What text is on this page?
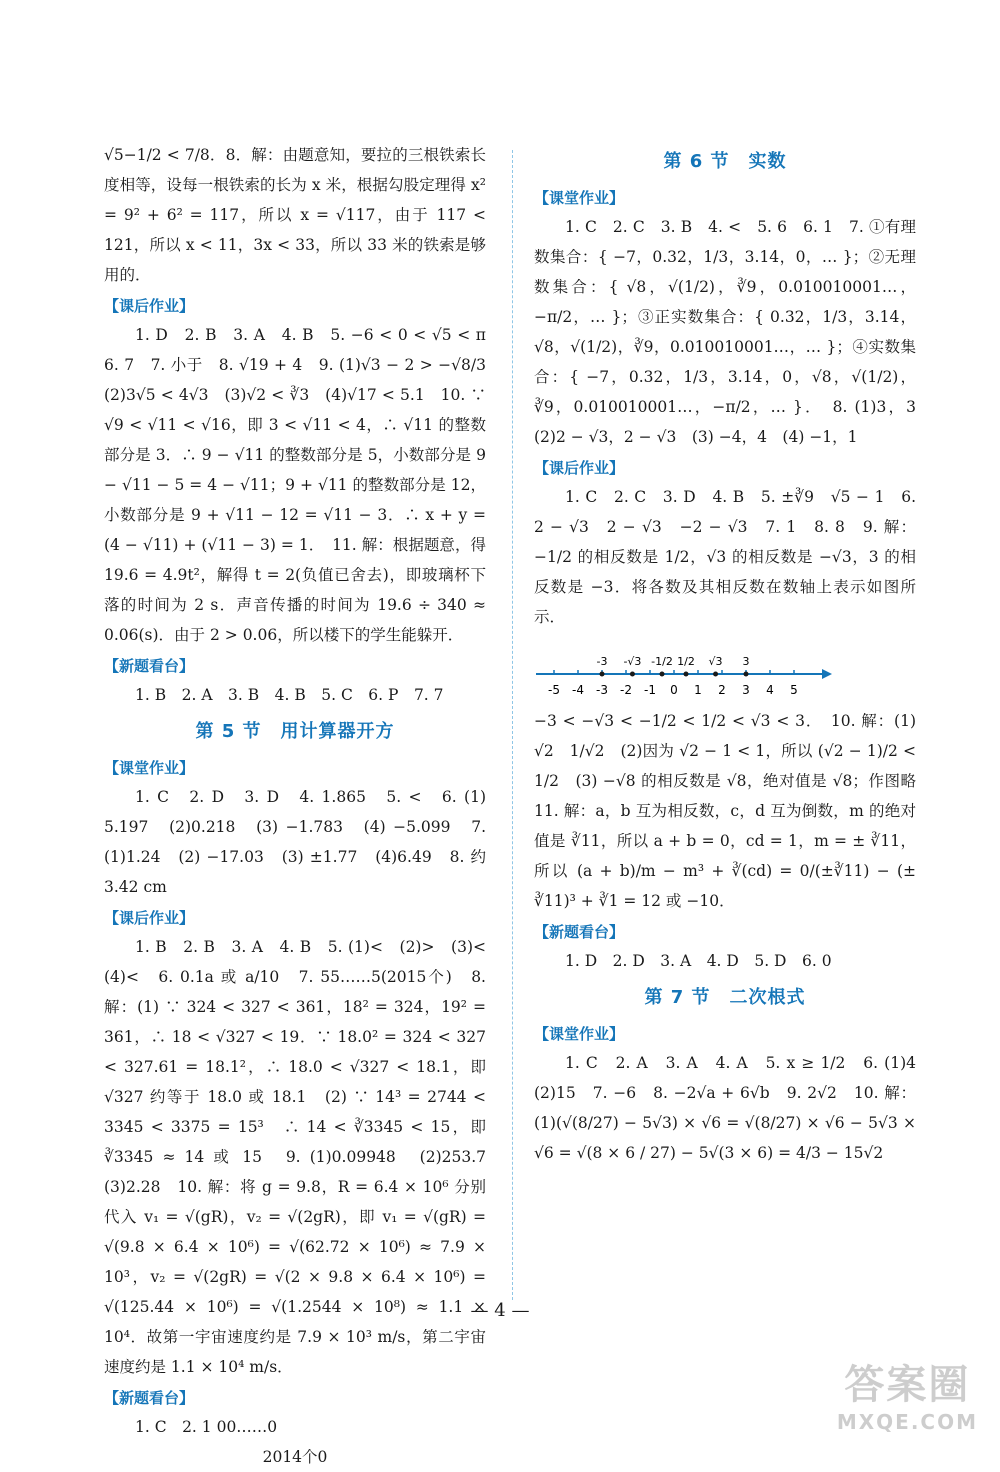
√5−1/2 < 7/8．8．解：由题意知，要拉的三根铁索长度相等，设每一根铁索的长为 x 米，根据勾股定理得 x² = 9² + 6² = 117，所以 x = √117，由于 117 < 121，所以 x < 11，3x < 33，所以 33 米的铁索是够用的．

【课后作业】

1. D　2. B　3. A　4. B　5. −6 < 0 < √5 < π　6. 7　7. 小于　8. √19 + 4　9. (1)√3 − 2 > −√8/3　(2)3√5 < 4√3　(3)√2 < ∛3　(4)√17 < 5.1　10. ∵ √9 < √11 < √16，即 3 < √11 < 4，∴ √11 的整数部分是 3．∴ 9 − √11 的整数部分是 5，小数部分是 9 − √11 − 5 = 4 − √11；9 + √11 的整数部分是 12，小数部分是 9 + √11 − 12 = √11 − 3．∴ x + y = (4 − √11) + (√11 − 3) = 1．　11. 解：根据题意，得 19.6 = 4.9t²，解得 t = 2(负值已舍去)，即玻璃杯下落的时间为 2 s．声音传播的时间为 19.6 ÷ 340 ≈ 0.06(s)．由于 2 > 0.06，所以楼下的学生能躲开．

【新题看台】

1. B　2. A　3. B　4. B　5. C　6. P　7. 7

第 5 节　用计算器开方
【课堂作业】

1. C　2. D　3. D　4. 1.865　5. <　6. (1) 5.197　(2)0.218　(3) −1.783　(4) −5.099　7. (1)1.24　(2) −17.03　(3) ±1.77　(4)6.49　8. 约 3.42 cm

【课后作业】

1. B　2. B　3. A　4. B　5. (1)<　(2)>　(3)<　(4)<　6. 0.1a 或 a/10　7. 55……5(2015个)　8. 解：(1) ∵ 324 < 327 < 361，18² = 324，19² = 361，∴ 18 < √327 < 19．∵ 18.0² = 324 < 327 < 327.61 = 18.1²，∴ 18.0 < √327 < 18.1，即 √327 约等于 18.0 或 18.1　(2) ∵ 14³ = 2744 < 3345 < 3375 = 15³　∴ 14 < ∛3345 < 15，即 ∛3345 ≈ 14 或 15　9. (1)0.09948　(2)253.7　(3)2.28　10. 解：将 g = 9.8，R = 6.4 × 10⁶ 分别代入 v₁ = √(gR)，v₂ = √(2gR)，即 v₁ = √(gR) = √(9.8 × 6.4 × 10⁶) = √(62.72 × 10⁶) ≈ 7.9 × 10³，v₂ = √(2gR) = √(2 × 9.8 × 6.4 × 10⁶) = √(125.44 × 10⁶) = √(1.2544 × 10⁸) ≈ 1.1 × 10⁴．故第一宇宙速度约是 7.9 × 10³ m/s，第二宇宙速度约是 1.1 × 10⁴ m/s．

【新题看台】

1. C　2. 1 00……0

2014个0
第 6 节　实数
【课堂作业】

1. C　2. C　3. B　4. <　5. 6　6. 1　7. ①有理数集合：{ −7，0.32，1/3，3.14，0，… }；②无理数集合：{ √8，√(1/2)，∛9，0.010010001…，−π/2，… }；③正实数集合：{ 0.32，1/3，3.14，√8，√(1/2)，∛9，0.010010001…，… }；④实数集合：{ −7，0.32，1/3，3.14，0，√8，√(1/2)，∛9，0.010010001…，−π/2，… }．　8. (1)3，3　(2)2 − √3，2 − √3　(3) −4，4　(4) −1，1

【课后作业】

1. C　2. C　3. D　4. B　5. ±∛9　√5 − 1　6. 2 − √3　2 − √3　−2 − √3　7. 1　8. 8　9. 解：−1/2 的相反数是 1/2，√3 的相反数是 −√3，3 的相反数是 −3．将各数及其相反数在数轴上表示如图所示．

-5 -4 -3 -2 -1 0 1 2 3 4 5
-3 -√3 -1/2 1/2 √3 3

−3 < −√3 < −1/2 < 1/2 < √3 < 3．　10. 解：(1) √2　1/√2　(2)因为 √2 − 1 < 1，所以 (√2 − 1)/2 < 1/2　(3) −√8 的相反数是 √8，绝对值是 √8；作图略　11. 解：a，b 互为相反数，c，d 互为倒数，m 的绝对值是 ∛11，所以 a + b = 0，cd = 1，m = ± ∛11，所以 (a + b)/m − m³ + ∛(cd) = 0/(±∛11) − (± ∛11)³ + ∛1 = 12 或 −10．

【新题看台】

1. D　2. D　3. A　4. D　5. D　6. 0

第 7 节　二次根式
【课堂作业】

1. C　2. A　3. A　4. A　5. x ≥ 1/2　6. (1)4　(2)15　7. −6　8. −2√a + 6√b　9. 2√2　10. 解：(1)(√(8/27) − 5√3) × √6 = √(8/27) × √6 − 5√3 × √6 = √(8 × 6 / 27) − 5√(3 × 6) = 4/3 − 15√2

— 4 —
答案圈
MXQE.COM
